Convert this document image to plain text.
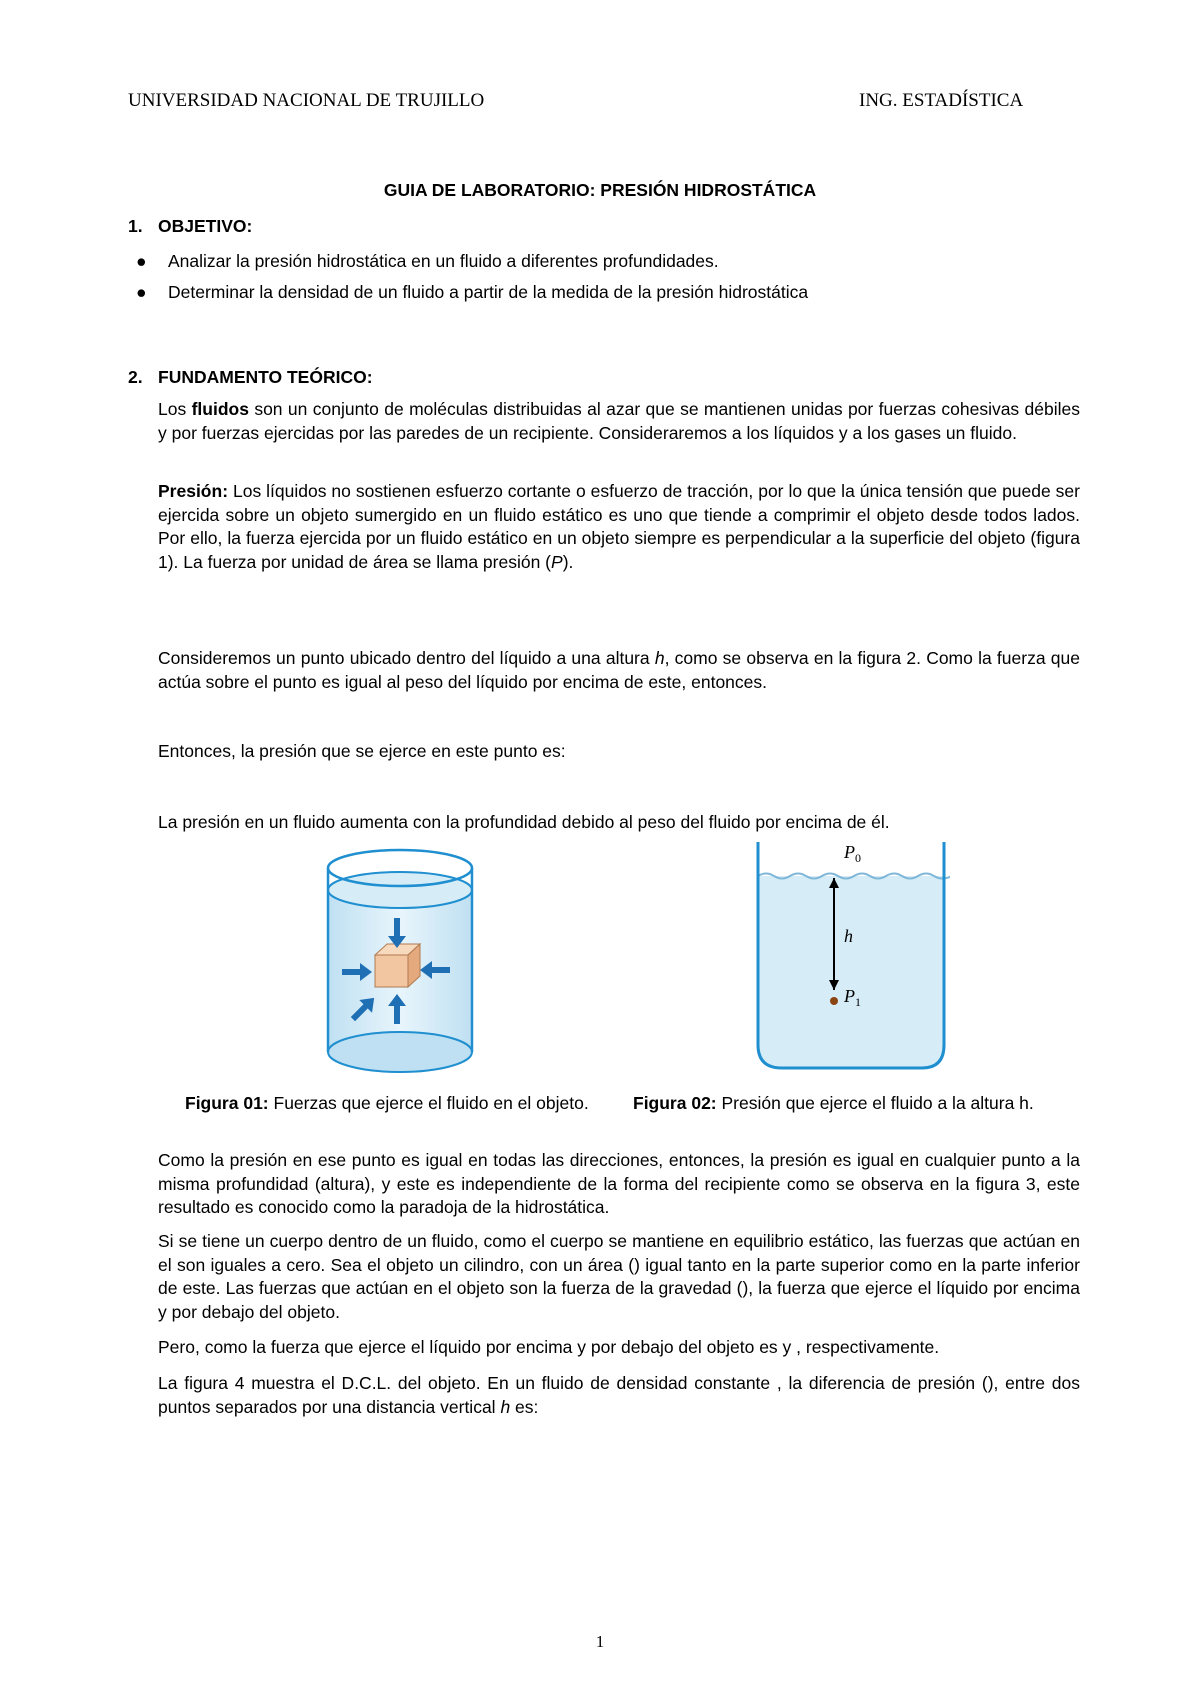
UNIVERSIDAD NACIONAL DE TRUJILLO	ING. ESTADÍSTICA
GUIA DE LABORATORIO: PRESIÓN HIDROSTÁTICA
1. OBJETIVO:
● Analizar la presión hidrostática en un fluido a diferentes profundidades.
● Determinar la densidad de un fluido a partir de la medida de la presión hidrostática
2. FUNDAMENTO TEÓRICO:
Los fluidos son un conjunto de moléculas distribuidas al azar que se mantienen unidas por fuerzas cohesivas débiles y por fuerzas ejercidas por las paredes de un recipiente. Consideraremos a los líquidos y a los gases un fluido.
Presión: Los líquidos no sostienen esfuerzo cortante o esfuerzo de tracción, por lo que la única tensión que puede ser ejercida sobre un objeto sumergido en un fluido estático es uno que tiende a comprimir el objeto desde todos lados. Por ello, la fuerza ejercida por un fluido estático en un objeto siempre es perpendicular a la superficie del objeto (figura 1). La fuerza por unidad de área se llama presión (P).
Consideremos un punto ubicado dentro del líquido a una altura h, como se observa en la figura 2. Como la fuerza que actúa sobre el punto es igual al peso del líquido por encima de este, entonces.
Entonces, la presión que se ejerce en este punto es:
La presión en un fluido aumenta con la profundidad debido al peso del fluido por encima de él.
$P_0$
h
$P_1$
Figura 01: Fuerzas que ejerce el fluido en el objeto.	Figura 02: Presión que ejerce el fluido a la altura h.
Como la presión en ese punto es igual en todas las direcciones, entonces, la presión es igual en cualquier punto a la misma profundidad (altura), y este es independiente de la forma del recipiente como se observa en la figura 3, este resultado es conocido como la paradoja de la hidrostática.
Si se tiene un cuerpo dentro de un fluido, como el cuerpo se mantiene en equilibrio estático, las fuerzas que actúan en el son iguales a cero. Sea el objeto un cilindro, con un área () igual tanto en la parte superior como en la parte inferior de este. Las fuerzas que actúan en el objeto son la fuerza de la gravedad (), la fuerza que ejerce el líquido por encima y por debajo del objeto.
Pero, como la fuerza que ejerce el líquido por encima y por debajo del objeto es y , respectivamente.
La figura 4 muestra el D.C.L. del objeto. En un fluido de densidad constante , la diferencia de presión (), entre dos puntos separados por una distancia vertical h es:
1
